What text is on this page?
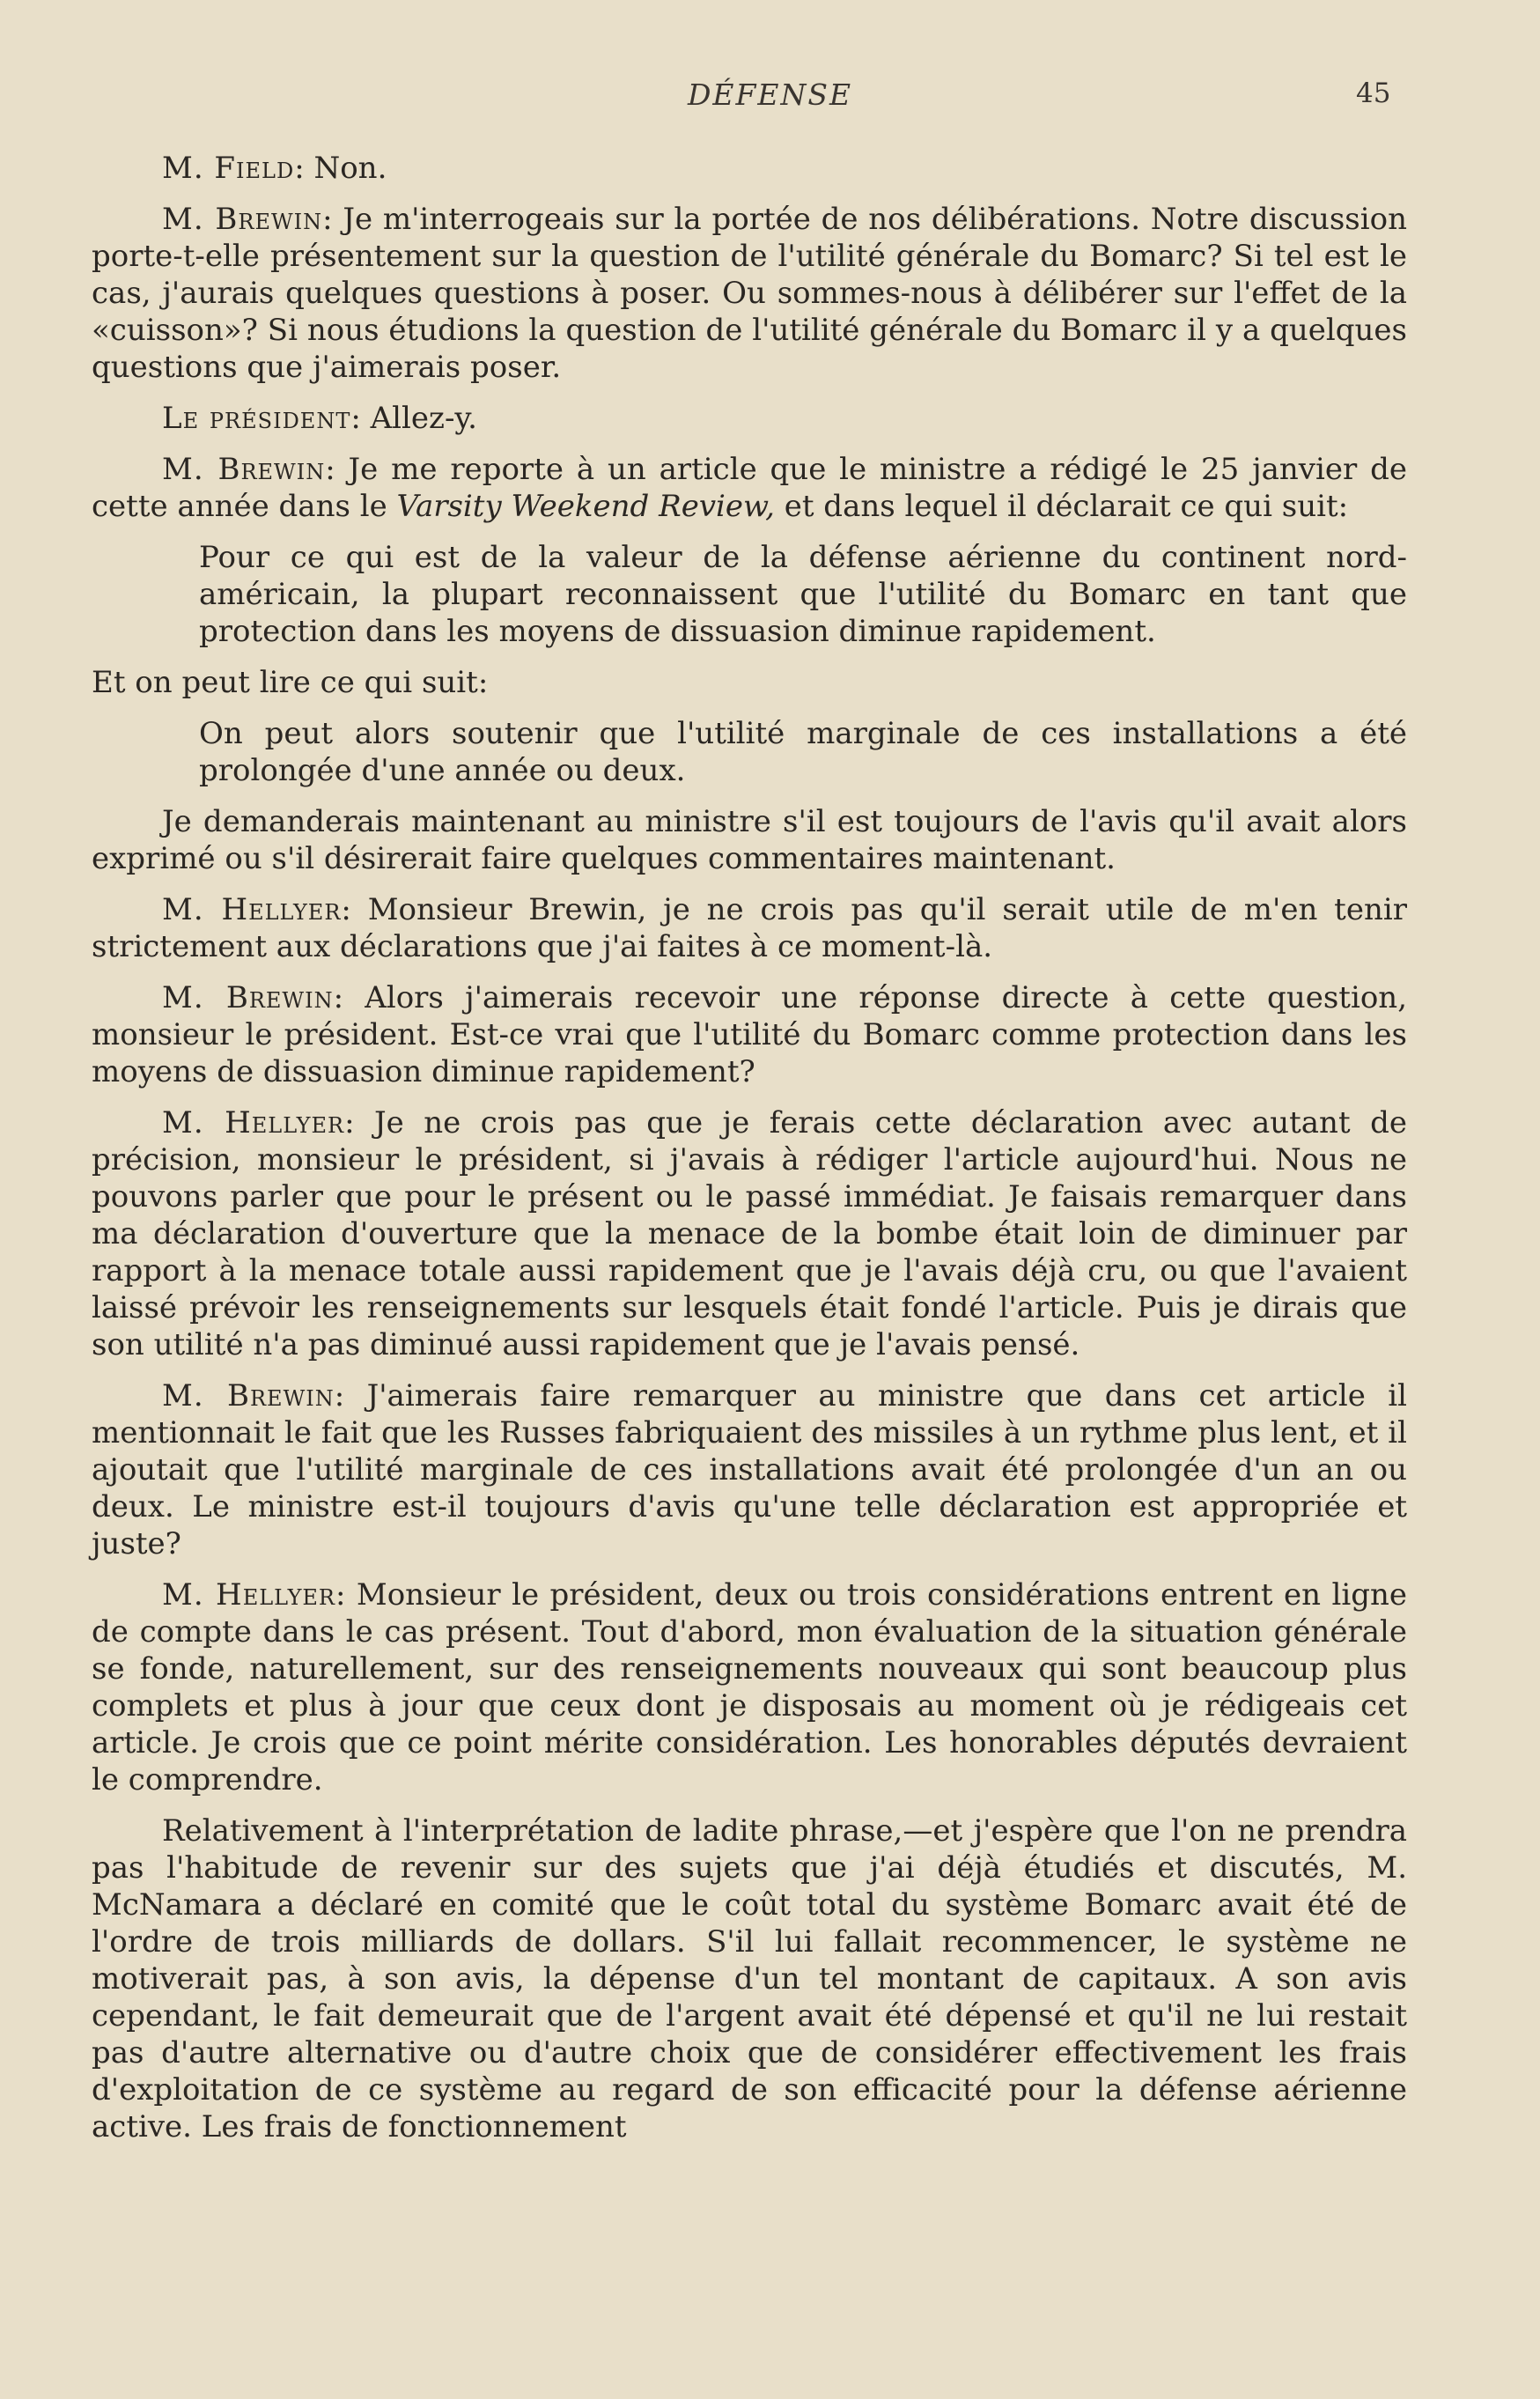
DÉFENSE	45

M. Field: Non.

M. Brewin: Je m'interrogeais sur la portée de nos délibérations. Notre discussion porte-t-elle présentement sur la question de l'utilité générale du Bomarc? Si tel est le cas, j'aurais quelques questions à poser. Ou sommes-nous à délibérer sur l'effet de la «cuisson»? Si nous étudions la question de l'utilité générale du Bomarc il y a quelques questions que j'aimerais poser.

Le président: Allez-y.

M. Brewin: Je me reporte à un article que le ministre a rédigé le 25 janvier de cette année dans le Varsity Weekend Review, et dans lequel il déclarait ce qui suit:

Pour ce qui est de la valeur de la défense aérienne du continent nord-américain, la plupart reconnaissent que l'utilité du Bomarc en tant que protection dans les moyens de dissuasion diminue rapidement.

Et on peut lire ce qui suit:

On peut alors soutenir que l'utilité marginale de ces installations a été prolongée d'une année ou deux.

Je demanderais maintenant au ministre s'il est toujours de l'avis qu'il avait alors exprimé ou s'il désirerait faire quelques commentaires maintenant.

M. Hellyer: Monsieur Brewin, je ne crois pas qu'il serait utile de m'en tenir strictement aux déclarations que j'ai faites à ce moment-là.

M. Brewin: Alors j'aimerais recevoir une réponse directe à cette question, monsieur le président. Est-ce vrai que l'utilité du Bomarc comme protection dans les moyens de dissuasion diminue rapidement?

M. Hellyer: Je ne crois pas que je ferais cette déclaration avec autant de précision, monsieur le président, si j'avais à rédiger l'article aujourd'hui. Nous ne pouvons parler que pour le présent ou le passé immédiat. Je faisais remarquer dans ma déclaration d'ouverture que la menace de la bombe était loin de diminuer par rapport à la menace totale aussi rapidement que je l'avais déjà cru, ou que l'avaient laissé prévoir les renseignements sur lesquels était fondé l'article. Puis je dirais que son utilité n'a pas diminué aussi rapidement que je l'avais pensé.

M. Brewin: J'aimerais faire remarquer au ministre que dans cet article il mentionnait le fait que les Russes fabriquaient des missiles à un rythme plus lent, et il ajoutait que l'utilité marginale de ces installations avait été prolongée d'un an ou deux. Le ministre est-il toujours d'avis qu'une telle déclaration est appropriée et juste?

M. Hellyer: Monsieur le président, deux ou trois considérations entrent en ligne de compte dans le cas présent. Tout d'abord, mon évaluation de la situation générale se fonde, naturellement, sur des renseignements nouveaux qui sont beaucoup plus complets et plus à jour que ceux dont je disposais au moment où je rédigeais cet article. Je crois que ce point mérite considération. Les honorables députés devraient le comprendre.

Relativement à l'interprétation de ladite phrase,—et j'espère que l'on ne prendra pas l'habitude de revenir sur des sujets que j'ai déjà étudiés et discutés, M. McNamara a déclaré en comité que le coût total du système Bomarc avait été de l'ordre de trois milliards de dollars. S'il lui fallait recommencer, le système ne motiverait pas, à son avis, la dépense d'un tel montant de capitaux. A son avis cependant, le fait demeurait que de l'argent avait été dépensé et qu'il ne lui restait pas d'autre alternative ou d'autre choix que de considérer effectivement les frais d'exploitation de ce système au regard de son efficacité pour la défense aérienne active. Les frais de fonctionnement
